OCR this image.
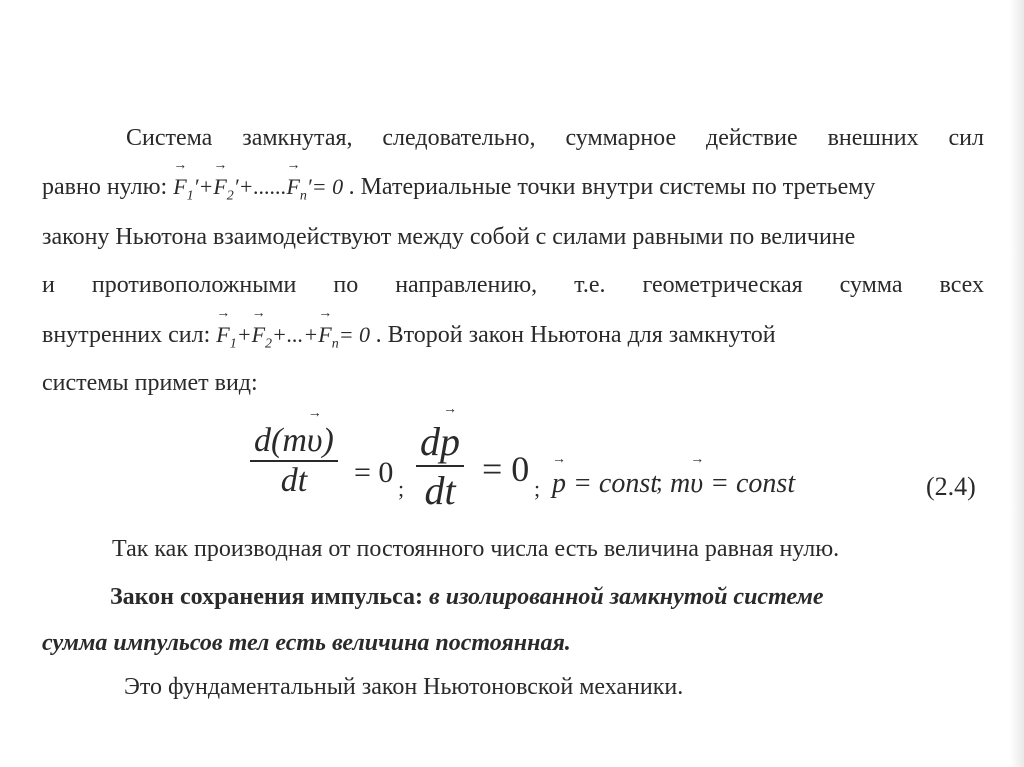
Система замкнутая, следовательно, суммарное действие внешних сил
равно нулю: → $F_1'+\to F_2'+......\to F_n'= 0$ . Материальные точки внутри системы по третьему
закону Ньютона взаимодействуют между собой с силами равными по величине
и противоположными по направлению, т.е. геометрическая сумма всех
внутренних сил: → $F_1+\to F_2+...+\to F_n= 0$ . Второй закон Ньютона для замкнутой
системы примет вид:
$\frac{d(m\to \upsilon)}{dt} = 0$ ; $\frac{d\to p}{dt} = 0$ ; → p = const
; m→ υ = const	(2.4)
Так как производная от постоянного числа есть величина равная нулю.
Закон сохранения импульса: в изолированной замкнутой системе
сумма импульсов тел есть величина постоянная.
Это фундаментальный закон Ньютоновской механики.
